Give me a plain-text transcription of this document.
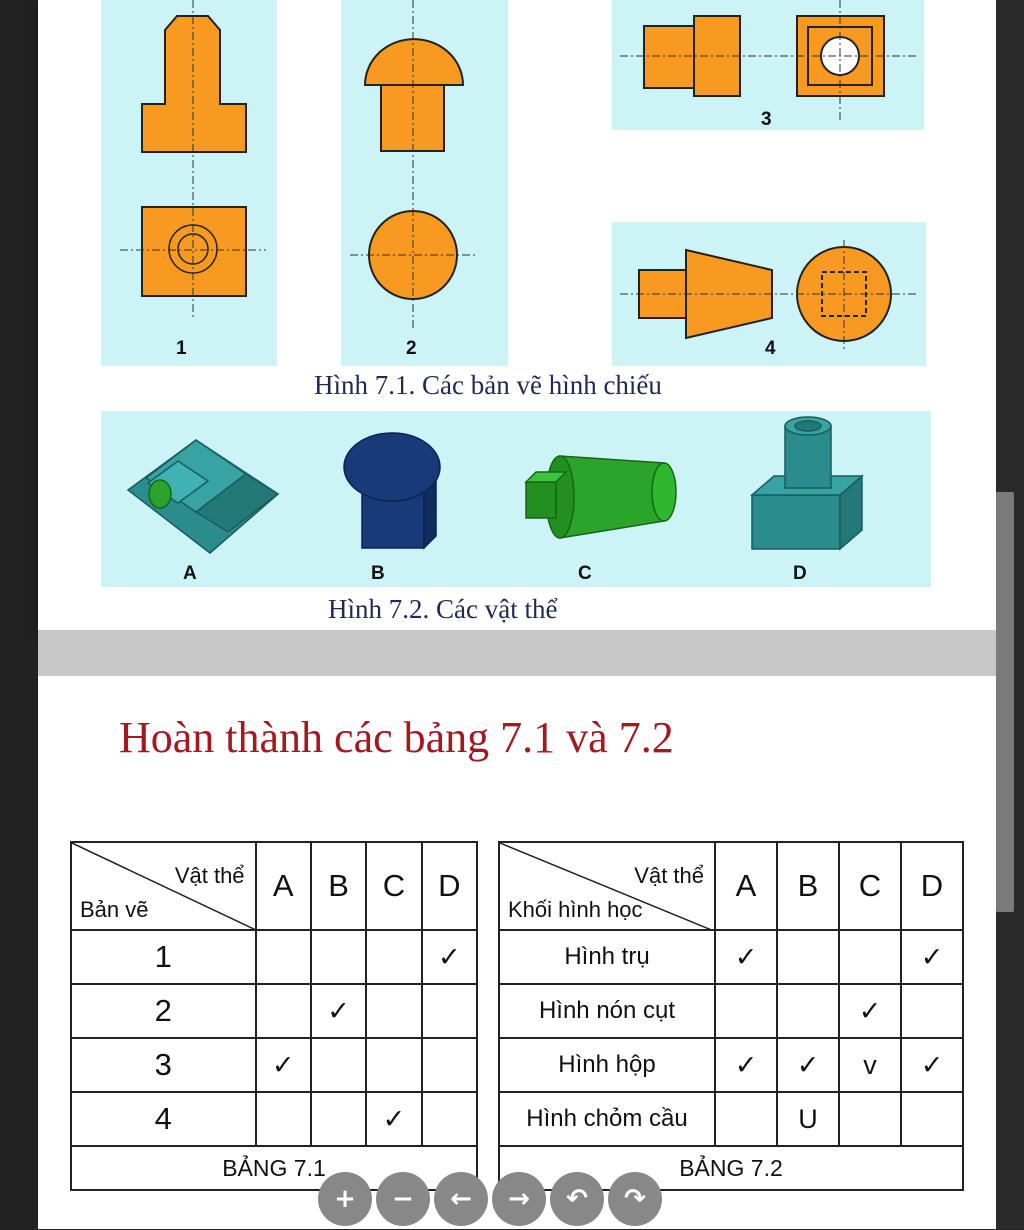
1	2
3
4
Hình 7.1. Các bản vẽ hình chiếu
A	B	C	D
Hình 7.2. Các vật thể
Hoàn thành các bảng 7.1 và 7.2
Vật thể
Bản vẽ	A	B	C	D
1				✓
2		✓		
3	✓			
4			✓	
BẢNG 7.1				
Vật thể
Khối hình học	A	B	C	D
Hình trụ	✓			✓
Hình nón cụt			✓	
Hình hộp	✓	✓	v	✓
Hình chỏm cầu		U		
BẢNG 7.2				
+	−	←	→	↶	↷
